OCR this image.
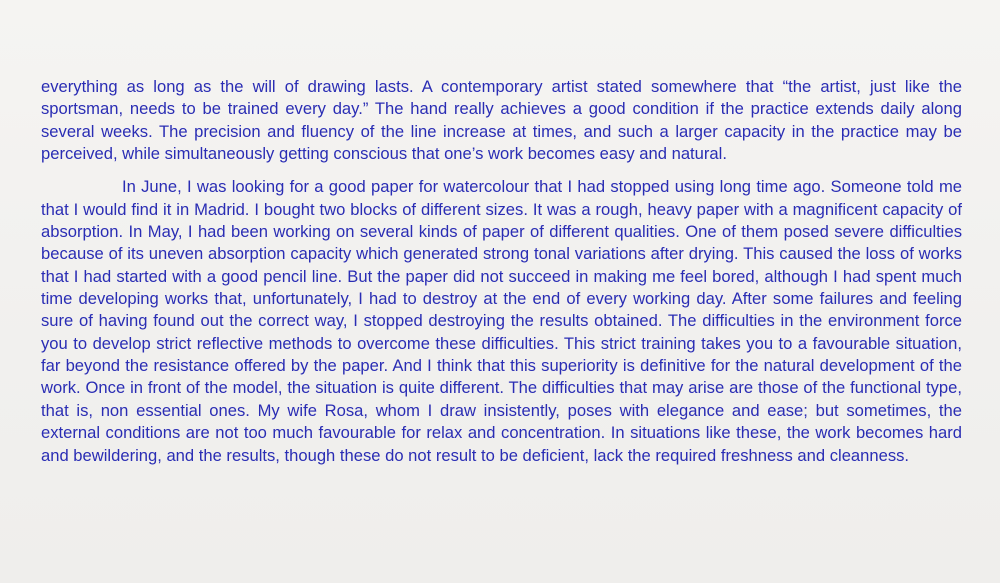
everything as long as the will of drawing lasts. A contemporary artist stated somewhere that “the artist, just like the sportsman, needs to be trained every day.” The hand really achieves a good condition if the practice extends daily along several weeks. The precision and fluency of the line increase at times, and such a larger capacity in the practice may be perceived, while simultaneously getting conscious that one’s work becomes easy and natural.

In June, I was looking for a good paper for watercolour that I had stopped using long time ago. Someone told me that I would find it in Madrid. I bought two blocks of different sizes. It was a rough, heavy paper with a magnificent capacity of absorption. In May, I had been working on several kinds of paper of different qualities. One of them posed severe difficulties because of its uneven absorption capacity which generated strong tonal variations after drying. This caused the loss of works that I had started with a good pencil line. But the paper did not succeed in making me feel bored, although I had spent much time developing works that, unfortunately, I had to destroy at the end of every working day. After some failures and feeling sure of having found out the correct way, I stopped destroying the results obtained. The difficulties in the environment force you to develop strict reflective methods to overcome these difficulties. This strict training takes you to a favourable situation, far beyond the resistance offered by the paper. And I think that this superiority is definitive for the natural development of the work. Once in front of the model, the situation is quite different. The difficulties that may arise are those of the functional type, that is, non essential ones. My wife Rosa, whom I draw insistently, poses with elegance and ease; but sometimes, the external conditions are not too much favourable for relax and concentration. In situations like these, the work becomes hard and bewildering, and the results, though these do not result to be deficient, lack the required freshness and cleanness.
